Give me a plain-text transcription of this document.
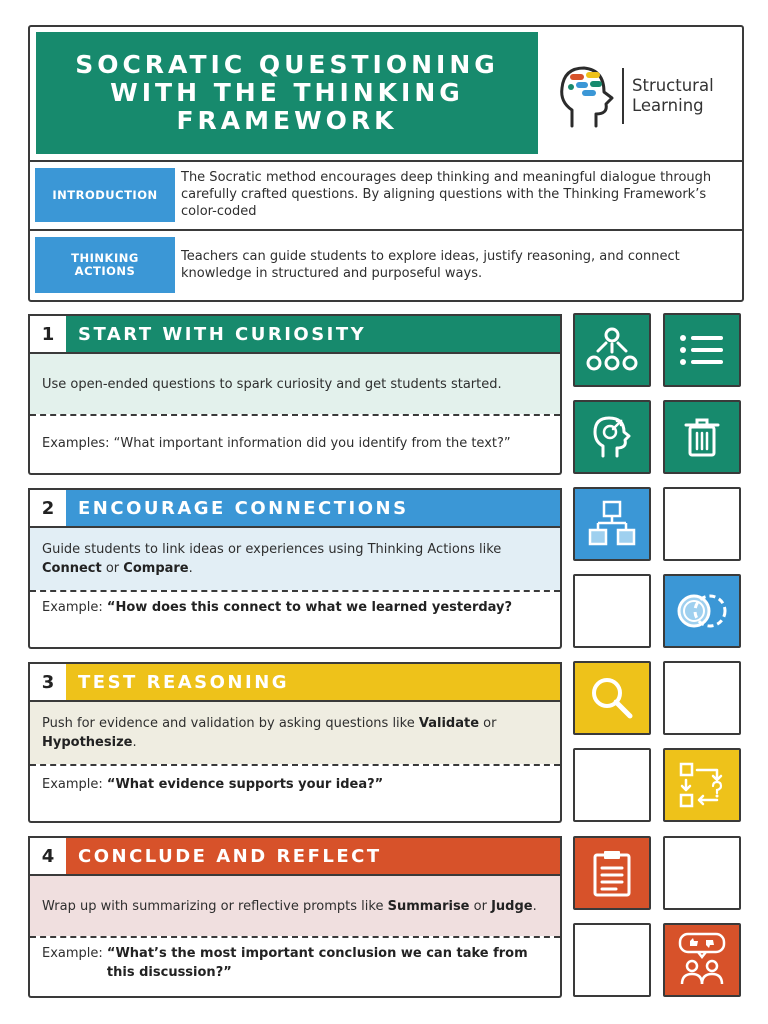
SOCRATIC QUESTIONING WITH THE THINKING FRAMEWORK
Structural
Learning
INTRODUCTION
The Socratic method encourages deep thinking and meaningful dialogue through carefully crafted questions. By aligning questions with the Thinking Framework’s color-coded
THINKING
ACTIONS
Teachers can guide students to explore ideas, justify reasoning, and connect knowledge in structured and purposeful ways.
1	START WITH CURIOSITY
Use open-ended questions to spark curiosity and get students started.
Examples: “What important information did you identify from the text?”
2	ENCOURAGE CONNECTIONS
Guide students to link ideas or experiences using Thinking Actions like Connect or Compare.
Example: “How does this connect to what we learned yesterday?
3	TEST REASONING
Push for evidence and validation by asking questions like Validate or Hypothesize.
Example: “What evidence supports your idea?”
4	CONCLUDE AND REFLECT
Wrap up with summarizing or reflective prompts like Summarise or Judge.
Example: “What’s the most important conclusion we can take from this discussion?”
